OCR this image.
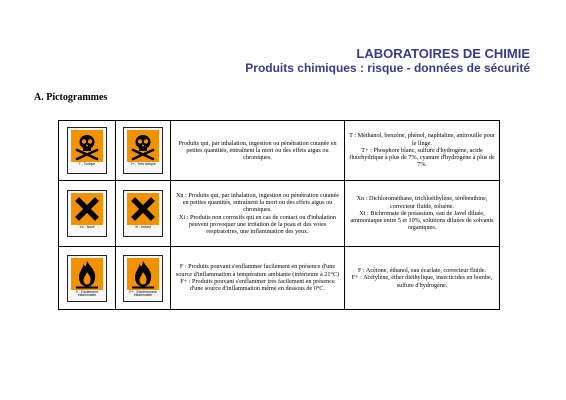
LABORATOIRES DE CHIMIE
Produits chimiques : risque - données de sécurité
A. Pictogrammes
T - Toxique	T+ - Très toxique
Produits qui, par inhalation, ingestion ou pénétration cutanée en petites quantités, entraînent la mort ou des effets aigus ou chroniques.
T : Méthanol, benzène, phénol, naphtaline, antirouille pour le linge.
T+ : Phosphore blanc, sulfure d'hydrogène, acide fluorhydrique à plus de 7%, cyanure d'hydrogène à plus de 7%.
Xn - Nocif	Xi - Irritant
Xn : Produits qui, par inhalation, ingestion ou pénétration cutanée en petites quantités, entraînent la mort ou des effets aigus ou chroniques.
Xi : Produits non corrosifs qui en cas de contact ou d'inhalation peuvent provoquer une irritation de la peau et des voies respiratoires, une inflammation des yeux.
Xn : Dichlorométhane, trichloéthylène, térébenthine, correcteur fluide, toluène.
Xi : Bichromate de potassium, eau de Javel diluée, ammoniaque entre 5 et 10%, solutions diluées de solvants organiques.
F - Facilement inflammable
F+ - Extrêmement inflammable
F : Produits pouvant s'enflammer facilement en présence d'une source d'inflammation à température ambiante (inférieure à 21°C)
F+ : Produits pouvant s'enflammer très facilement en présence d'une source d'inflammation même en dessous de 0°C.
F : Acétone, éthanol, eau écarlate, correcteur fluide.
F+ : Acétylène, éther diéthylique, insecticides en bombe, sulfure d'hydrogène.
